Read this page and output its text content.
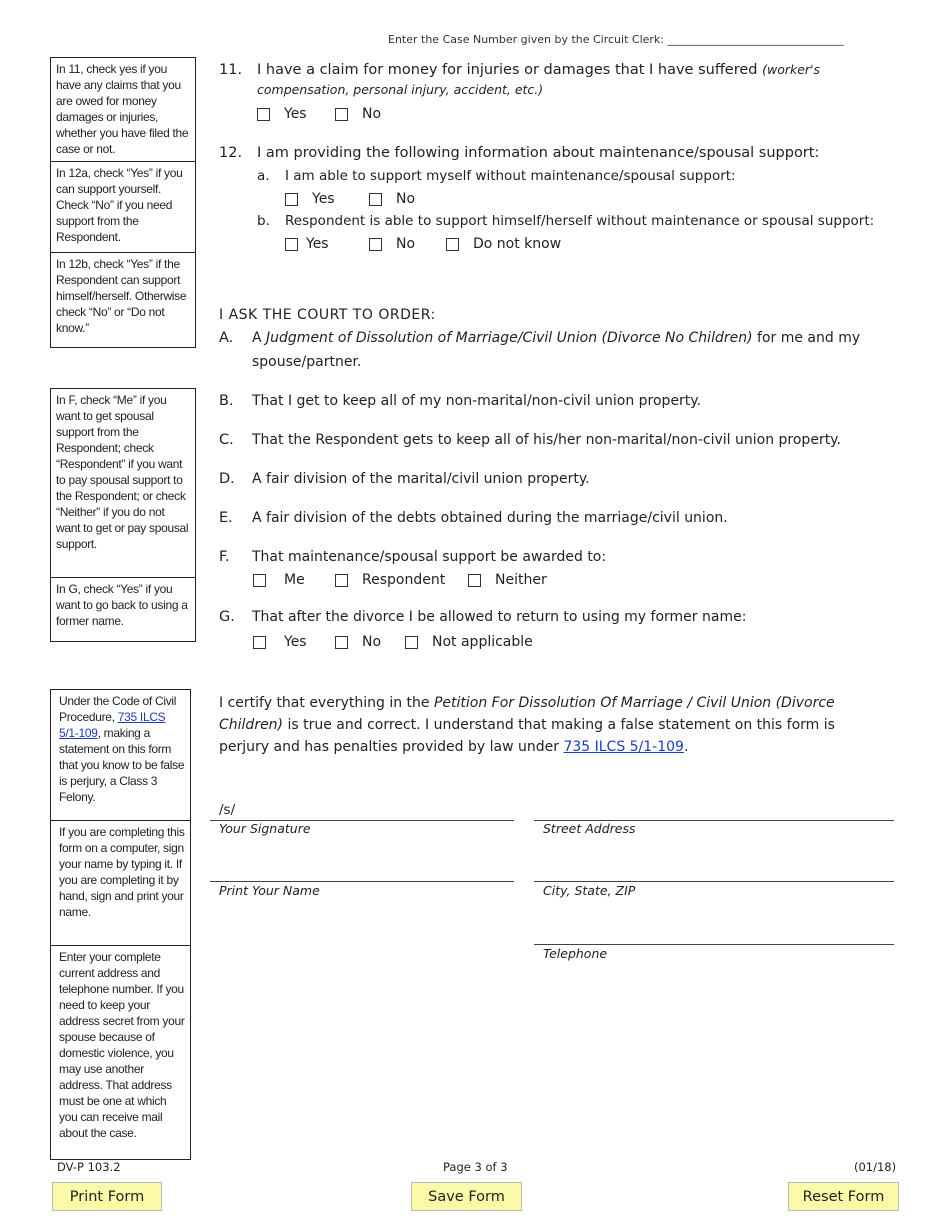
Enter the Case Number given by the Circuit Clerk: ________________________________
In 11, check yes if you have any claims that you are owed for money damages or injuries, whether you have filed the case or not.
In 12a, check “Yes” if you can support yourself. Check “No” if you need support from the Respondent.
In 12b, check “Yes” if the Respondent can support himself/herself. Otherwise check “No” or “Do not know.”
In F, check “Me” if you want to get spousal support from the Respondent; check “Respondent” if you want to pay spousal support to the Respondent; or check “Neither” if you do not want to get or pay spousal support.
In G, check “Yes” if you want to go back to using a former name.
Under the Code of Civil Procedure, 735 ILCS 5/1-109, making a statement on this form that you know to be false is perjury, a Class 3 Felony.
If you are completing this form on a computer, sign your name by typing it. If you are completing it by hand, sign and print your name.
Enter your complete current address and telephone number. If you need to keep your address secret from your spouse because of domestic violence, you may use another address. That address must be one at which you can receive mail about the case.
11. I have a claim for money for injuries or damages that I have suffered (worker's
compensation, personal injury, accident, etc.)
Yes	No
12. I am providing the following information about maintenance/spousal support:
a. I am able to support myself without maintenance/spousal support:
Yes	No
b. Respondent is able to support himself/herself without maintenance or spousal support:
Yes	No	Do not know
I ASK THE COURT TO ORDER:
A. A Judgment of Dissolution of Marriage/Civil Union (Divorce No Children) for me and my
spouse/partner.
B. That I get to keep all of my non-marital/non-civil union property.
C. That the Respondent gets to keep all of his/her non-marital/non-civil union property.
D. A fair division of the marital/civil union property.
E. A fair division of the debts obtained during the marriage/civil union.
F. That maintenance/spousal support be awarded to:
Me	Respondent	Neither
G. That after the divorce I be allowed to return to using my former name:
Yes	No	Not applicable
I certify that everything in the Petition For Dissolution Of Marriage / Civil Union (Divorce
Children) is true and correct. I understand that making a false statement on this form is
perjury and has penalties provided by law under 735 ILCS 5/1-109.
/s/
Your Signature	Street Address
Print Your Name	City, State, ZIP
Telephone
DV-P 103.2	Page 3 of 3	(01/18)
Print Form	Save Form	Reset Form
